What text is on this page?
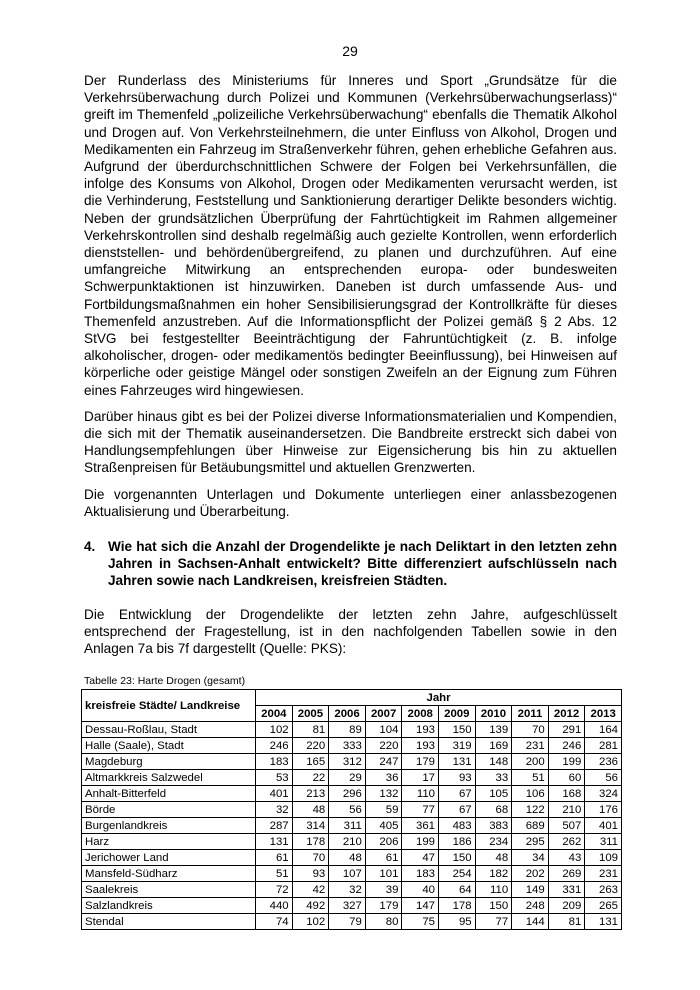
29

Der Runderlass des Ministeriums für Inneres und Sport „Grundsätze für die Verkehrsüberwachung durch Polizei und Kommunen (Verkehrsüberwachungserlass)“ greift im Themenfeld „polizeiliche Verkehrsüberwachung“ ebenfalls die Thematik Alkohol und Drogen auf. Von Verkehrsteilnehmern, die unter Einfluss von Alkohol, Drogen und Medikamenten ein Fahrzeug im Straßenverkehr führen, gehen erhebliche Gefahren aus. Aufgrund der überdurchschnittlichen Schwere der Folgen bei Verkehrsunfällen, die infolge des Konsums von Alkohol, Drogen oder Medikamenten verursacht werden, ist die Verhinderung, Feststellung und Sanktionierung derartiger Delikte besonders wichtig. Neben der grundsätzlichen Überprüfung der Fahrtüchtigkeit im Rahmen allgemeiner Verkehrskontrollen sind deshalb regelmäßig auch gezielte Kontrollen, wenn erforderlich dienststellen- und behördenübergreifend, zu planen und durchzuführen. Auf eine umfangreiche Mitwirkung an entsprechenden europa- oder bundesweiten Schwerpunktaktionen ist hinzuwirken. Daneben ist durch umfassende Aus- und Fortbildungsmaßnahmen ein hoher Sensibilisierungsgrad der Kontrollkräfte für dieses Themenfeld anzustreben. Auf die Informationspflicht der Polizei gemäß § 2 Abs. 12 StVG bei festgestellter Beeinträchtigung der Fahruntüchtigkeit (z. B. infolge alkoholischer, drogen- oder medikamentös bedingter Beeinflussung), bei Hinweisen auf körperliche oder geistige Mängel oder sonstigen Zweifeln an der Eignung zum Führen eines Fahrzeuges wird hingewiesen.

Darüber hinaus gibt es bei der Polizei diverse Informationsmaterialien und Kompendien, die sich mit der Thematik auseinandersetzen. Die Bandbreite erstreckt sich dabei von Handlungsempfehlungen über Hinweise zur Eigensicherung bis hin zu aktuellen Straßenpreisen für Betäubungsmittel und aktuellen Grenzwerten.

Die vorgenannten Unterlagen und Dokumente unterliegen einer anlassbezogenen Aktualisierung und Überarbeitung.

4. Wie hat sich die Anzahl der Drogendelikte je nach Deliktart in den letzten zehn Jahren in Sachsen-Anhalt entwickelt? Bitte differenziert aufschlüsseln nach Jahren sowie nach Landkreisen, kreisfreien Städten.

Die Entwicklung der Drogendelikte der letzten zehn Jahre, aufgeschlüsselt entsprechend der Fragestellung, ist in den nachfolgenden Tabellen sowie in den Anlagen 7a bis 7f dargestellt (Quelle: PKS):

Tabelle 23: Harte Drogen (gesamt)
kreisfreie Städte/ Landkreise	Jahr									
	2004	2005	2006	2007	2008	2009	2010	2011	2012	2013
Dessau-Roßlau, Stadt	102	81	89	104	193	150	139	70	291	164
Halle (Saale), Stadt	246	220	333	220	193	319	169	231	246	281
Magdeburg	183	165	312	247	179	131	148	200	199	236
Altmarkkreis Salzwedel	53	22	29	36	17	93	33	51	60	56
Anhalt-Bitterfeld	401	213	296	132	110	67	105	106	168	324
Börde	32	48	56	59	77	67	68	122	210	176
Burgenlandkreis	287	314	311	405	361	483	383	689	507	401
Harz	131	178	210	206	199	186	234	295	262	311
Jerichower Land	61	70	48	61	47	150	48	34	43	109
Mansfeld-Südharz	51	93	107	101	183	254	182	202	269	231
Saalekreis	72	42	32	39	40	64	110	149	331	263
Salzlandkreis	440	492	327	179	147	178	150	248	209	265
Stendal	74	102	79	80	75	95	77	144	81	131
